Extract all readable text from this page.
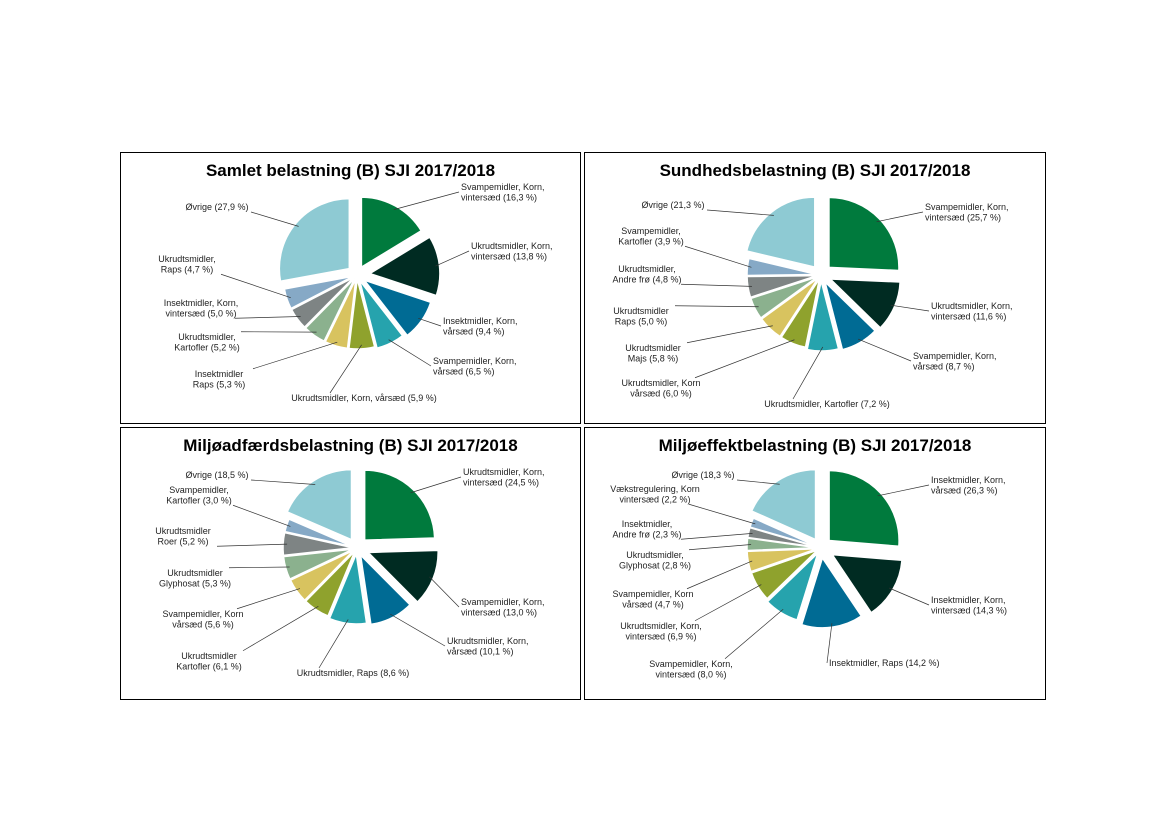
Samlet belastning (B) SJI 2017/2018
Svampemidler, Korn, vintersæd (16,3 %)
Ukrudtsmidler, Korn, vintersæd (13,8 %)
Insektmidler, Korn, vårsæd (9,4 %)
Svampemidler, Korn, vårsæd (6,5 %)
Ukrudtsmidler, Korn, vårsæd (5,9 %)
Insektmidler Raps (5,3 %)
Ukrudtsmidler, Kartofler (5,2 %)
Insektmidler, Korn, vintersæd (5,0 %)
Ukrudtsmidler, Raps (4,7 %)
Øvrige (27,9 %)
Sundhedsbelastning (B) SJI 2017/2018
Svampemidler, Korn, vintersæd (25,7 %)
Ukrudtsmidler, Korn, vintersæd (11,6 %)
Svampemidler, Korn, vårsæd (8,7 %)
Ukrudtsmidler, Kartofler (7,2 %)
Ukrudtsmidler, Korn vårsæd (6,0 %)
Ukrudtsmidler Majs (5,8 %)
Ukrudtsmidler Raps (5,0 %)
Ukrudtsmidler, Andre frø (4,8 %)
Svampemidler, Kartofler (3,9 %)
Øvrige (21,3 %)
Miljøadfærdsbelastning (B) SJI 2017/2018
Ukrudtsmidler, Korn, vintersæd (24,5 %)
Svampemidler, Korn, vintersæd (13,0 %)
Ukrudtsmidler, Korn, vårsæd (10,1 %)
Ukrudtsmidler, Raps (8,6 %)
Ukrudtsmidler Kartofler (6,1 %)
Svampemidler, Korn vårsæd (5,6 %)
Ukrudtsmidler Glyphosat (5,3 %)
Ukrudtsmidler Roer (5,2 %)
Svampemidler, Kartofler (3,0 %)
Øvrige (18,5 %)
Miljøeffektbelastning (B) SJI 2017/2018
Insektmidler, Korn, vårsæd (26,3 %)
Insektmidler, Korn, vintersæd (14,3 %)
Insektmidler, Raps (14,2 %)
Svampemidler, Korn, vintersæd (8,0 %)
Ukrudtsmidler, Korn, vintersæd (6,9 %)
Svampemidler, Korn vårsæd (4,7 %)
Ukrudtsmidler, Glyphosat (2,8 %)
Insektmidler, Andre frø (2,3 %)
Vækstregulering, Korn vintersæd (2,2 %)
Øvrige (18,3 %)
